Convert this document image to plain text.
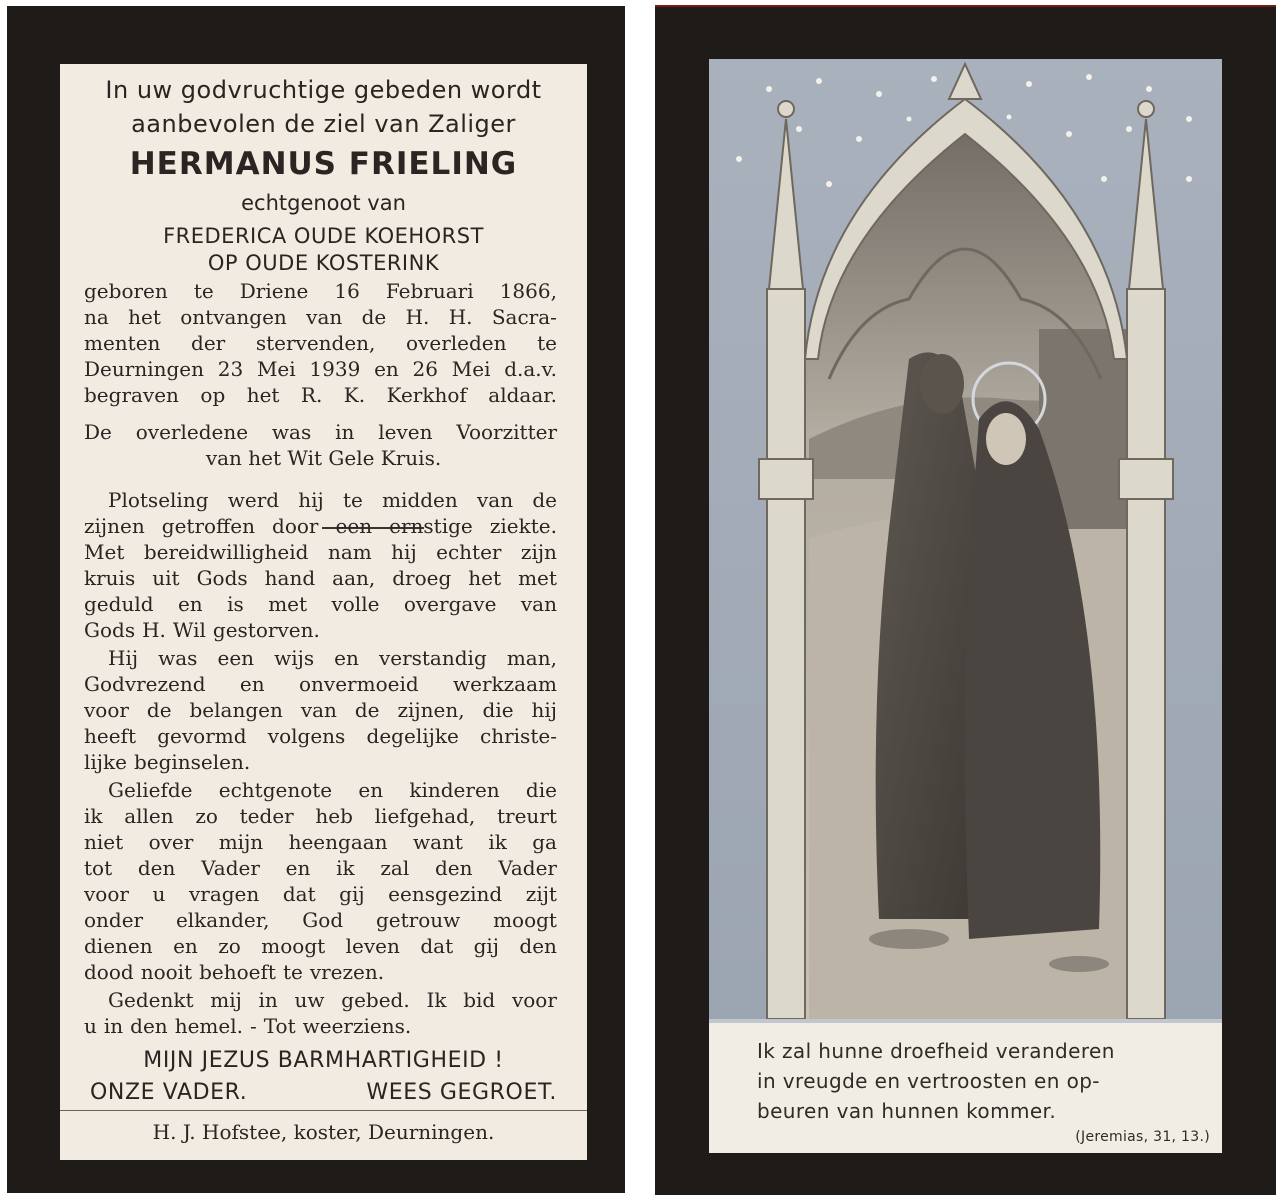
In uw godvruchtige gebeden wordt
aanbevolen de ziel van Zaliger
HERMANUS FRIELING
echtgenoot van
FREDERICA OUDE KOEHORST
OP OUDE KOSTERINK
geboren te Driene 16 Februari 1866,
na het ontvangen van de H. H. Sacra-
menten der stervenden, overleden te
Deurningen 23 Mei 1939 en 26 Mei d.a.v.
begraven op het R. K. Kerkhof aldaar.
De overledene was in leven Voorzitter
van het Wit Gele Kruis.
Plotseling werd hij te midden van de
zijnen getroffen door een ernstige ziekte.
Met bereidwilligheid nam hij echter zijn
kruis uit Gods hand aan, droeg het met
geduld en is met volle overgave van
Gods H. Wil gestorven.
Hij was een wijs en verstandig man,
Godvrezend en onvermoeid werkzaam
voor de belangen van de zijnen, die hij
heeft gevormd volgens degelijke christe-
lijke beginselen.
Geliefde echtgenote en kinderen die
ik allen zo teder heb liefgehad, treurt
niet over mijn heengaan want ik ga
tot den Vader en ik zal den Vader
voor u vragen dat gij eensgezind zijt
onder elkander, God getrouw moogt
dienen en zo moogt leven dat gij den
dood nooit behoeft te vrezen.
Gedenkt mij in uw gebed. Ik bid voor
u in den hemel. - Tot weerziens.
MIJN JEZUS BARMHARTIGHEID !
ONZE VADER.	WEES GEGROET.
H. J. Hofstee, koster, Deurningen.
Ik zal hunne droefheid veranderen
in vreugde en vertroosten en op-
beuren van hunnen kommer.
(Jeremias, 31, 13.)
